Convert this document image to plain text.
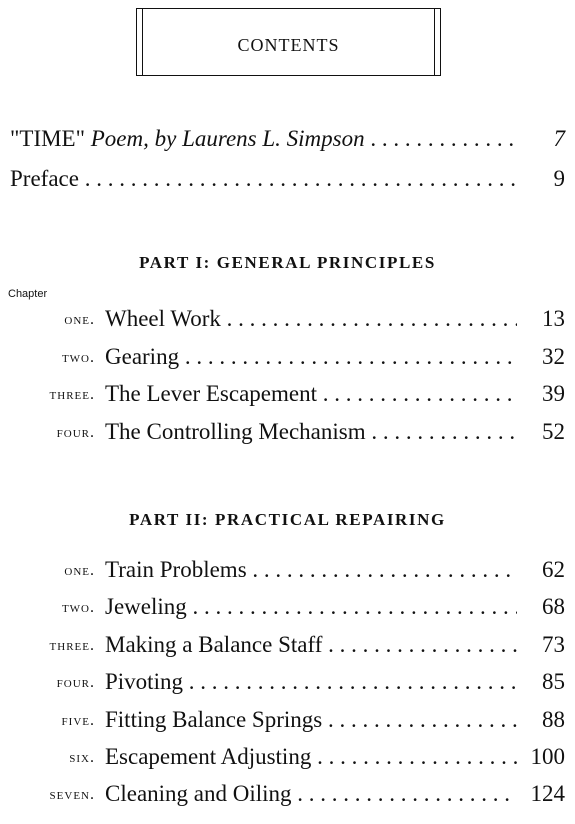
CONTENTS
"TIME" Poem, by Laurens L. Simpson . . .	7
Preface . . .	9
PART I: GENERAL PRINCIPLES
Chapter
one. Wheel Work . . .	13
two. Gearing . . .	32
three. The Lever Escapement . . .	39
four. The Controlling Mechanism . . .	52
PART II: PRACTICAL REPAIRING
one. Train Problems . . .	62
two. Jeweling . . .	68
three. Making a Balance Staff . . .	73
four. Pivoting . . .	85
five. Fitting Balance Springs . . .	88
six. Escapement Adjusting . . .	100
seven. Cleaning and Oiling . . .	124
